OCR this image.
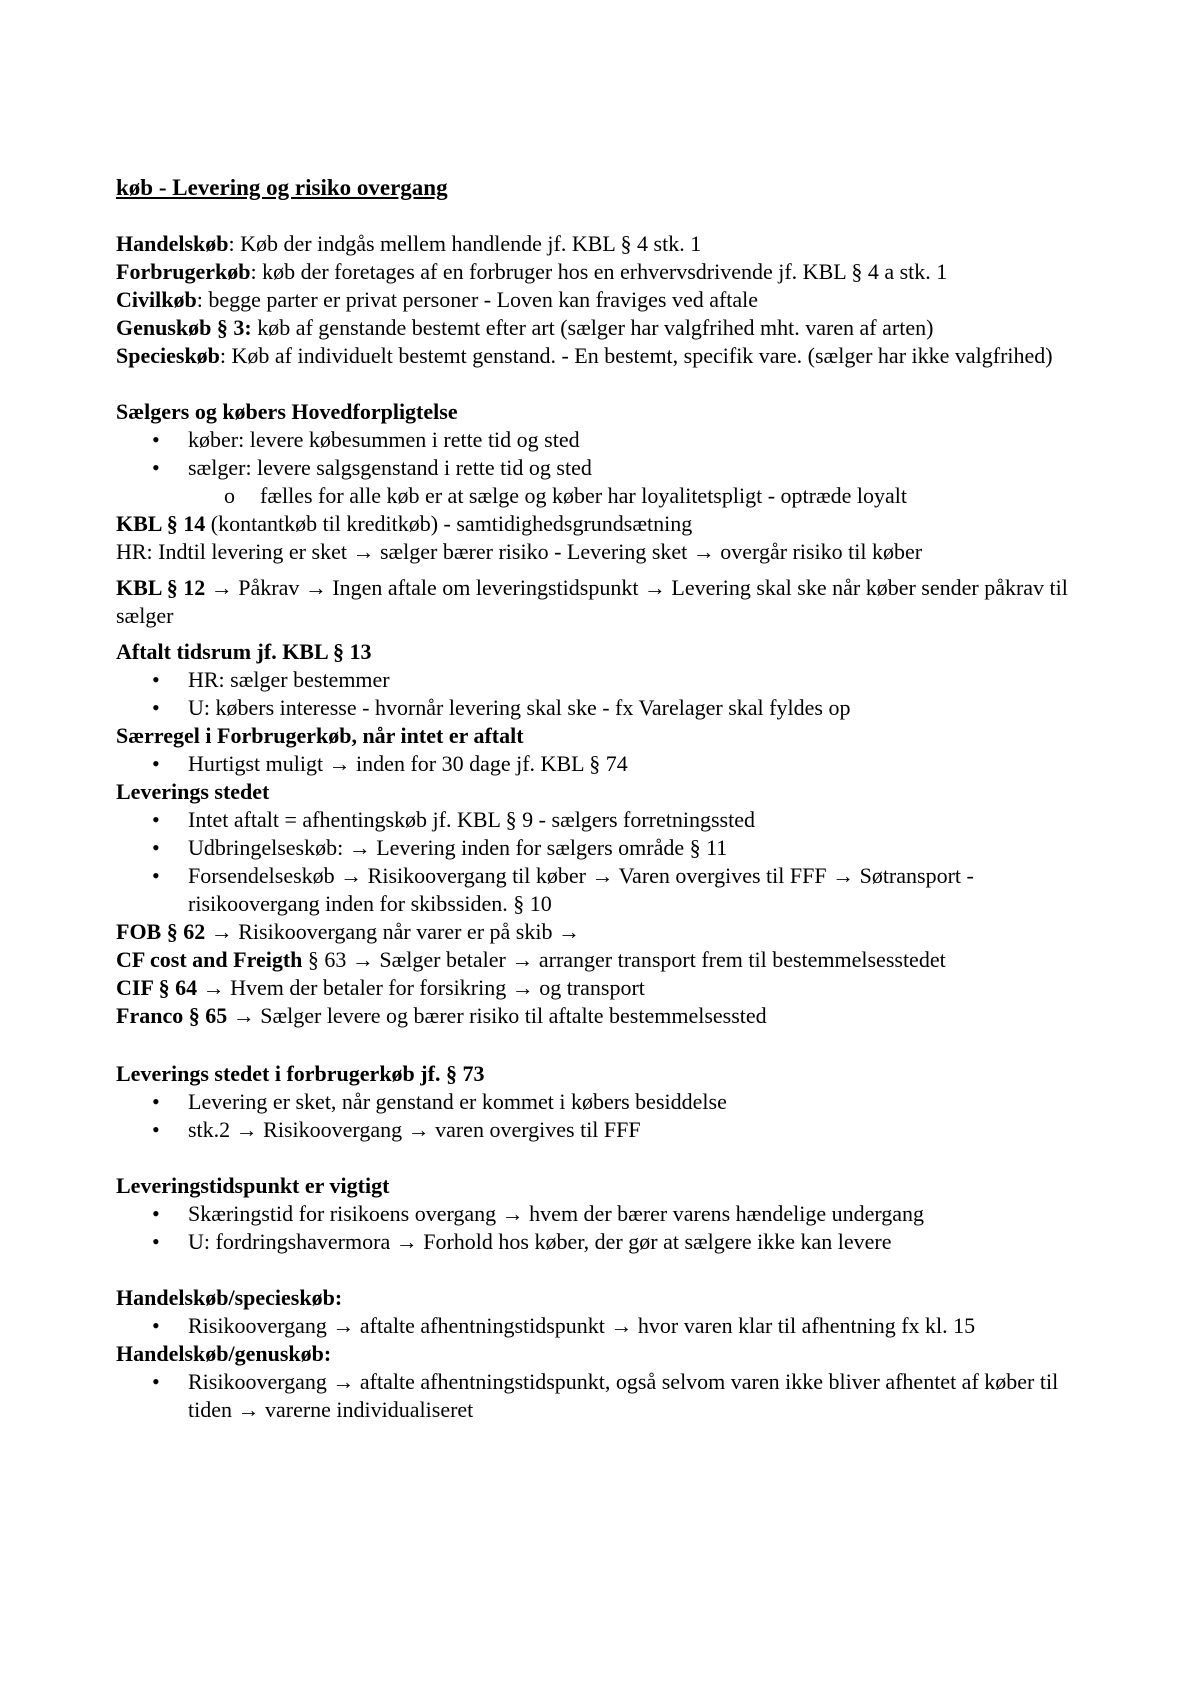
køb - Levering og risiko overgang
Handelskøb: Køb der indgås mellem handlende jf. KBL § 4 stk. 1
Forbrugerkøb: køb der foretages af en forbruger hos en erhvervsdrivende jf. KBL § 4 a stk. 1
Civilkøb: begge parter er privat personer - Loven kan fraviges ved aftale
Genuskøb § 3: køb af genstande bestemt efter art (sælger har valgfrihed mht. varen af arten)
Specieskøb: Køb af individuelt bestemt genstand. - En bestemt, specifik vare. (sælger har ikke valgfrihed)
Sælgers og købers Hovedforpligtelse
• køber: levere købesummen i rette tid og sted
• sælger: levere salgsgenstand i rette tid og sted
o fælles for alle køb er at sælge og køber har loyalitetspligt - optræde loyalt
KBL § 14 (kontantkøb til kreditkøb) - samtidighedsgrundsætning
HR: Indtil levering er sket → sælger bærer risiko - Levering sket → overgår risiko til køber
KBL § 12 → Påkrav → Ingen aftale om leveringstidspunkt → Levering skal ske når køber sender påkrav til sælger
Aftalt tidsrum jf. KBL § 13
• HR: sælger bestemmer
• U: købers interesse - hvornår levering skal ske - fx Varelager skal fyldes op
Særregel i Forbrugerkøb, når intet er aftalt
• Hurtigst muligt → inden for 30 dage jf. KBL § 74
Leverings stedet
• Intet aftalt = afhentingskøb jf. KBL § 9 - sælgers forretningssted
• Udbringelseskøb: → Levering inden for sælgers område § 11
• Forsendelseskøb → Risikoovergang til køber → Varen overgives til FFF → Søtransport - risikoovergang inden for skibssiden. § 10
FOB § 62 → Risikoovergang når varer er på skib →
CF cost and Freigth § 63 → Sælger betaler → arranger transport frem til bestemmelsesstedet
CIF § 64 → Hvem der betaler for forsikring → og transport
Franco § 65 → Sælger levere og bærer risiko til aftalte bestemmelsessted
Leverings stedet i forbrugerkøb jf. § 73
• Levering er sket, når genstand er kommet i købers besiddelse
• stk.2 → Risikoovergang → varen overgives til FFF
Leveringstidspunkt er vigtigt
• Skæringstid for risikoens overgang → hvem der bærer varens hændelige undergang
• U: fordringshavermora → Forhold hos køber, der gør at sælgere ikke kan levere
Handelskøb/specieskøb:
• Risikoovergang → aftalte afhentningstidspunkt → hvor varen klar til afhentning fx kl. 15
Handelskøb/genuskøb:
• Risikoovergang → aftalte afhentningstidspunkt, også selvom varen ikke bliver afhentet af køber til tiden → varerne individualiseret
